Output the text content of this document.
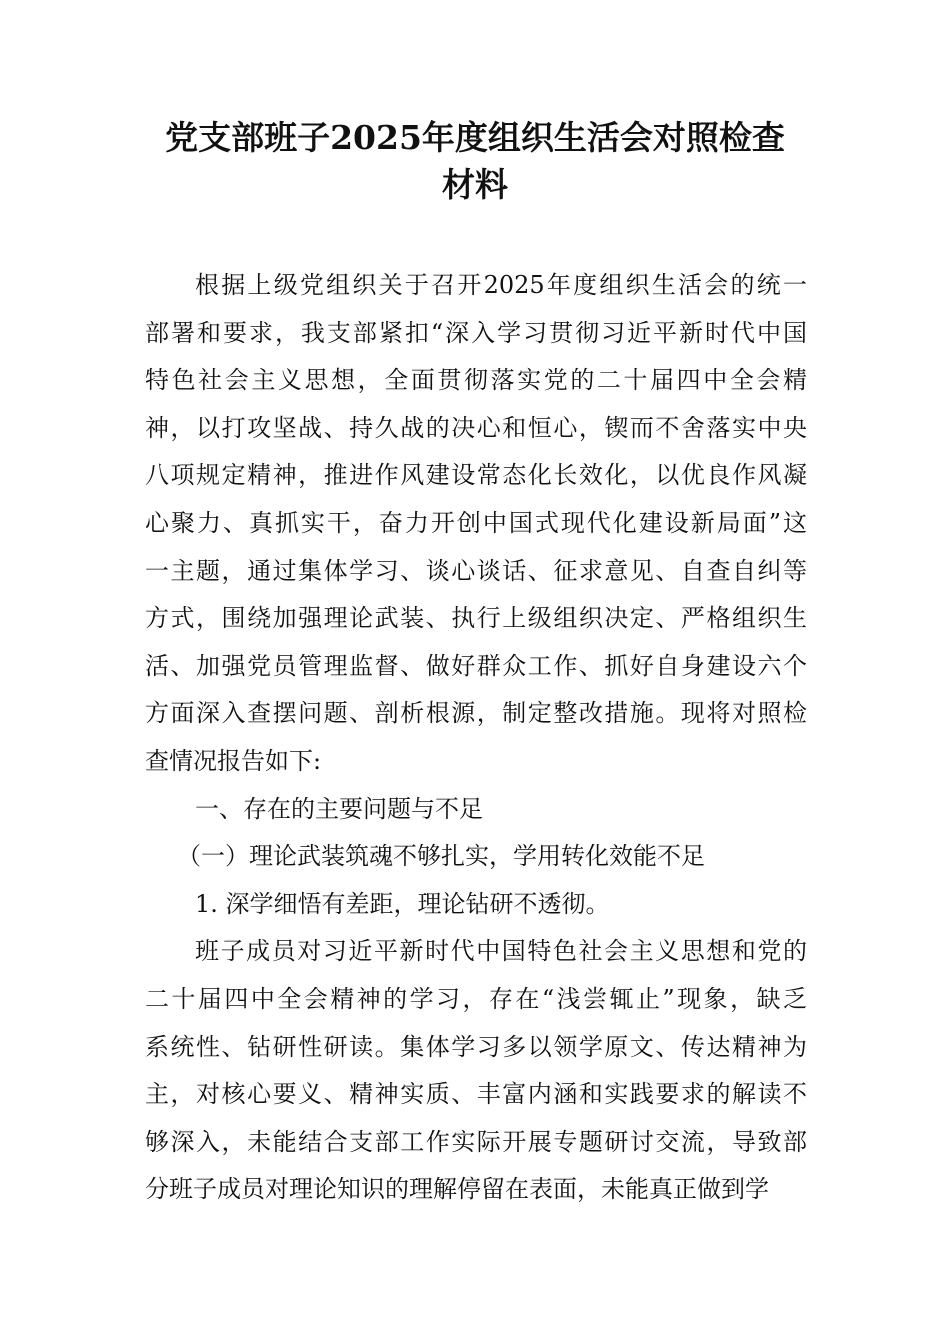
党支部班子2025年度组织生活会对照检查
材料
根据上级党组织关于召开2025年度组织生活会的统一
部署和要求，我支部紧扣“深入学习贯彻习近平新时代中国
特色社会主义思想，全面贯彻落实党的二十届四中全会精
神，以打攻坚战、持久战的决心和恒心，锲而不舍落实中央
八项规定精神，推进作风建设常态化长效化，以优良作风凝
心聚力、真抓实干，奋力开创中国式现代化建设新局面”这
一主题，通过集体学习、谈心谈话、征求意见、自查自纠等
方式，围绕加强理论武装、执行上级组织决定、严格组织生
活、加强党员管理监督、做好群众工作、抓好自身建设六个
方面深入查摆问题、剖析根源，制定整改措施。现将对照检
查情况报告如下:
一、存在的主要问题与不足
（一）理论武装筑魂不够扎实，学用转化效能不足
1. 深学细悟有差距，理论钻研不透彻。
班子成员对习近平新时代中国特色社会主义思想和党的
二十届四中全会精神的学习，存在“浅尝辄止”现象，缺乏
系统性、钻研性研读。集体学习多以领学原文、传达精神为
主，对核心要义、精神实质、丰富内涵和实践要求的解读不
够深入，未能结合支部工作实际开展专题研讨交流，导致部
分班子成员对理论知识的理解停留在表面，未能真正做到学
